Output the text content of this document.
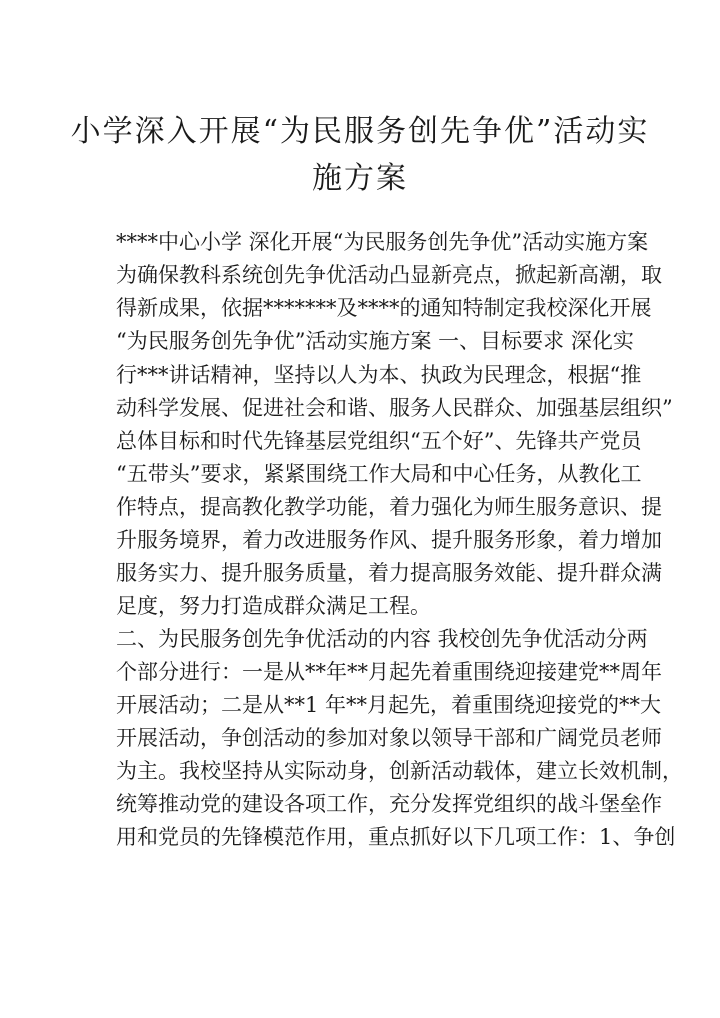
小学深入开展“为民服务创先争优”活动实
施方案
****中心小学 深化开展“为民服务创先争优”活动实施方案
为确保教科系统创先争优活动凸显新亮点，掀起新高潮，取
得新成果，依据*******及****的通知特制定我校深化开展
“为民服务创先争优”活动实施方案 一、目标要求 深化实
行***讲话精神，坚持以人为本、执政为民理念，根据“推
动科学发展、促进社会和谐、服务人民群众、加强基层组织”
总体目标和时代先锋基层党组织“五个好”、先锋共产党员
“五带头”要求，紧紧围绕工作大局和中心任务，从教化工
作特点，提高教化教学功能，着力强化为师生服务意识、提
升服务境界，着力改进服务作风、提升服务形象，着力增加
服务实力、提升服务质量，着力提高服务效能、提升群众满
足度，努力打造成群众满足工程。
二、为民服务创先争优活动的内容 我校创先争优活动分两
个部分进行：一是从**年**月起先着重围绕迎接建党**周年
开展活动；二是从**1 年**月起先，着重围绕迎接党的**大
开展活动，争创活动的参加对象以领导干部和广阔党员老师
为主。我校坚持从实际动身，创新活动载体，建立长效机制，
统筹推动党的建设各项工作，充分发挥党组织的战斗堡垒作
用和党员的先锋模范作用，重点抓好以下几项工作：1、争创
